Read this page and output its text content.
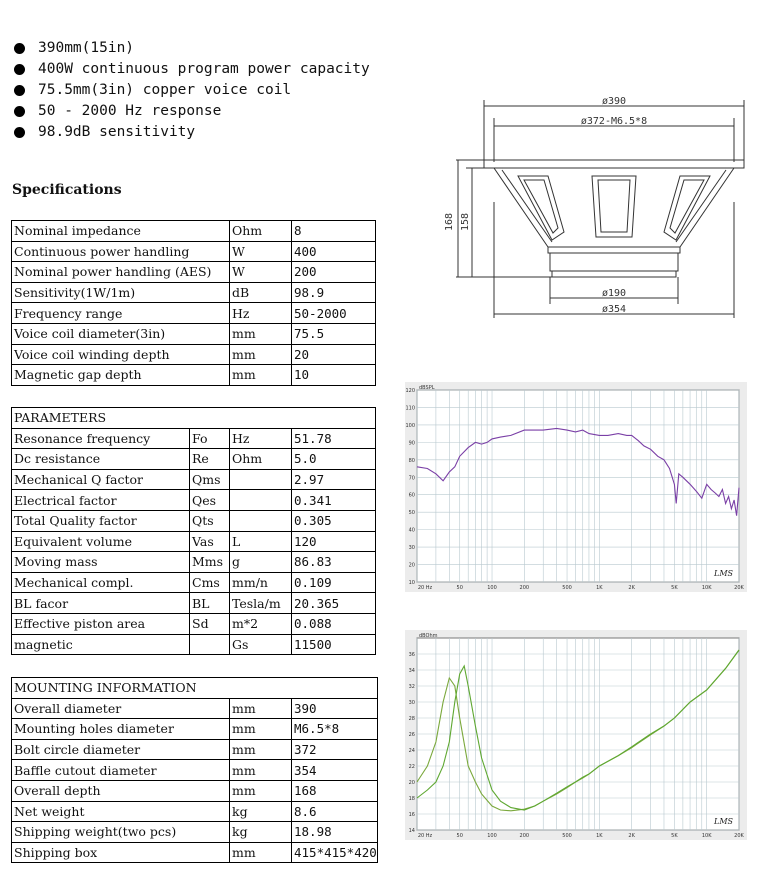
390mm(15in)
400W continuous program power capacity
75.5mm(3in) copper voice coil
50 - 2000 Hz response
98.9dB sensitivity
Specifications
Nominal impedance	Ohm	8
Continuous power handling	W	400
Nominal power handling (AES)	W	200
Sensitivity(1W/1m)	dB	98.9
Frequency range	Hz	50-2000
Voice coil diameter(3in)	mm	75.5
Voice coil winding depth	mm	20
Magnetic gap depth	mm	10
PARAMETERS			
Resonance frequency	Fo	Hz	51.78
Dc resistance	Re	Ohm	5.0
Mechanical Q factor	Qms		2.97
Electrical factor	Qes		0.341
Total Quality factor	Qts		0.305
Equivalent volume	Vas	L	120
Moving mass	Mms	g	86.83
Mechanical compl.	Cms	mm/n	0.109
BL facor	BL	Tesla/m	20.365
Effective piston area	Sd	m*2	0.088
magnetic		Gs	11500
MOUNTING INFORMATION		
Overall diameter	mm	390
Mounting holes diameter	mm	M6.5*8
Bolt circle diameter	mm	372
Baffle cutout diameter	mm	354
Overall depth	mm	168
Net weight	kg	8.6
Shipping weight(two pcs)	kg	18.98
Shipping box	mm	415*415*420
ø390
ø372-M6.5*8
168 158
ø190
ø354
120
110
100
90
80
70
60
50
40
30
20
10
dBSPL
20 Hz	50	100	200	500	1K	2K	5K	10K	20K
LMS
36
34
32
30
28
26
24
22
20
18
16
14
dBOhm
20 Hz	50	100	200	500	1K	2K	5K	10K	20K
LMS
